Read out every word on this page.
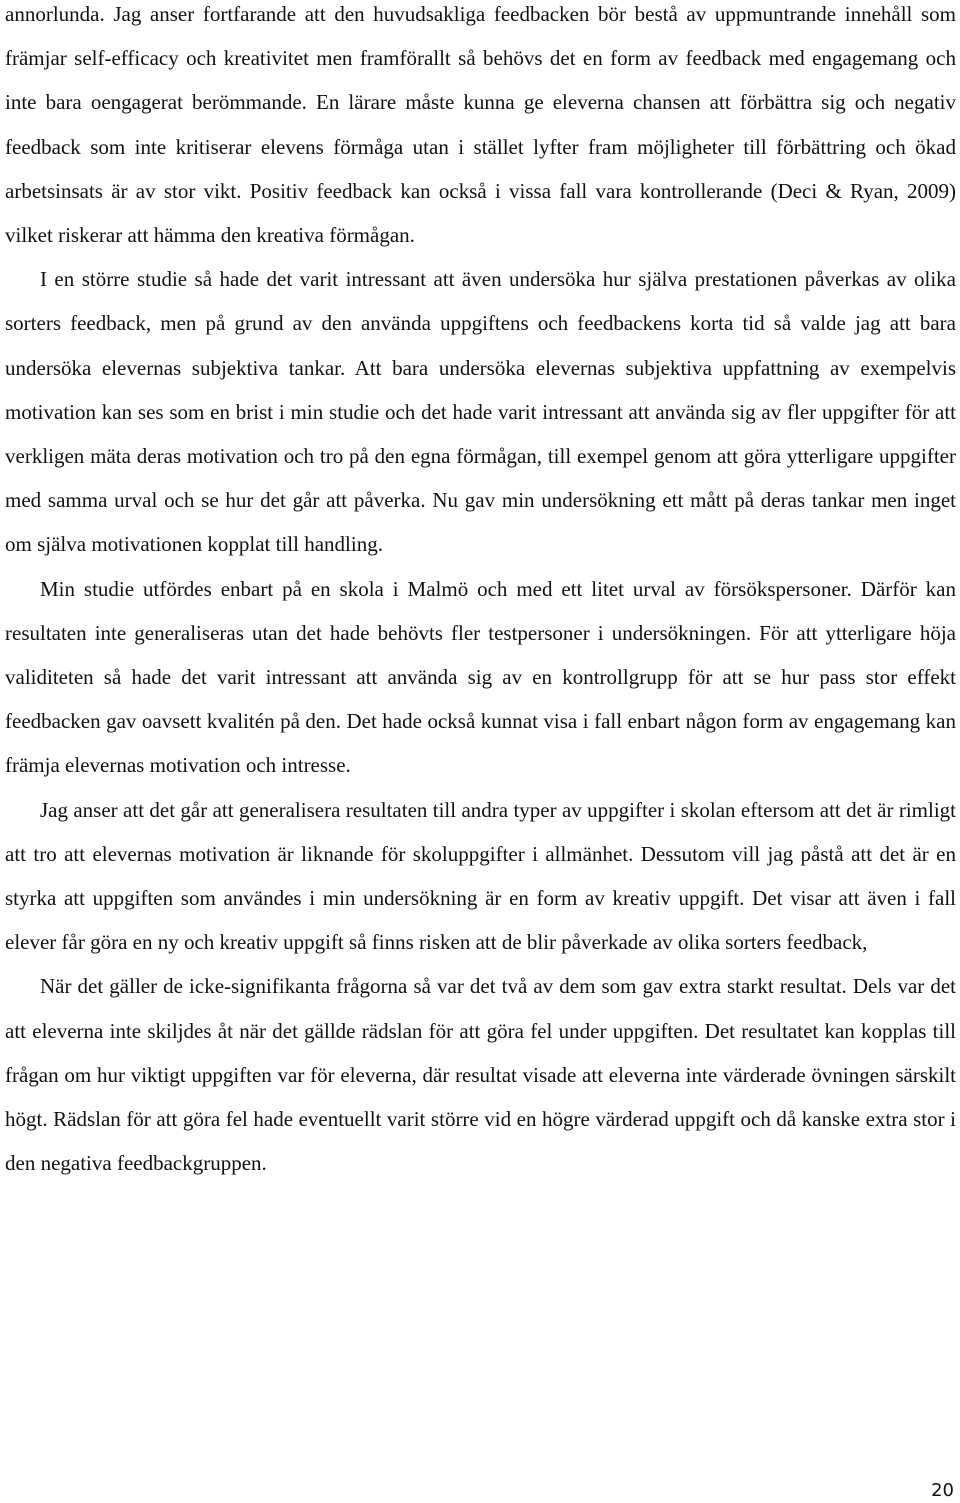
annorlunda. Jag anser fortfarande att den huvudsakliga feedbacken bör bestå av uppmuntrande innehåll som främjar self-efficacy och kreativitet men framförallt så behövs det en form av feedback med engagemang och inte bara oengagerat berömmande. En lärare måste kunna ge eleverna chansen att förbättra sig och negativ feedback som inte kritiserar elevens förmåga utan i stället lyfter fram möjligheter till förbättring och ökad arbetsinsats är av stor vikt. Positiv feedback kan också i vissa fall vara kontrollerande (Deci & Ryan, 2009) vilket riskerar att hämma den kreativa förmågan.

I en större studie så hade det varit intressant att även undersöka hur själva prestationen påverkas av olika sorters feedback, men på grund av den använda uppgiftens och feedbackens korta tid så valde jag att bara undersöka elevernas subjektiva tankar. Att bara undersöka elevernas subjektiva uppfattning av exempelvis motivation kan ses som en brist i min studie och det hade varit intressant att använda sig av fler uppgifter för att verkligen mäta deras motivation och tro på den egna förmågan, till exempel genom att göra ytterligare uppgifter med samma urval och se hur det går att påverka. Nu gav min undersökning ett mått på deras tankar men inget om själva motivationen kopplat till handling.

Min studie utfördes enbart på en skola i Malmö och med ett litet urval av försökspersoner. Därför kan resultaten inte generaliseras utan det hade behövts fler testpersoner i undersökningen. För att ytterligare höja validiteten så hade det varit intressant att använda sig av en kontrollgrupp för att se hur pass stor effekt feedbacken gav oavsett kvalitén på den. Det hade också kunnat visa i fall enbart någon form av engagemang kan främja elevernas motivation och intresse.

Jag anser att det går att generalisera resultaten till andra typer av uppgifter i skolan eftersom att det är rimligt att tro att elevernas motivation är liknande för skoluppgifter i allmänhet. Dessutom vill jag påstå att det är en styrka att uppgiften som användes i min undersökning är en form av kreativ uppgift. Det visar att även i fall elever får göra en ny och kreativ uppgift så finns risken att de blir påverkade av olika sorters feedback,

När det gäller de icke-signifikanta frågorna så var det två av dem som gav extra starkt resultat. Dels var det att eleverna inte skiljdes åt när det gällde rädslan för att göra fel under uppgiften. Det resultatet kan kopplas till frågan om hur viktigt uppgiften var för eleverna, där resultat visade att eleverna inte värderade övningen särskilt högt. Rädslan för att göra fel hade eventuellt varit större vid en högre värderad uppgift och då kanske extra stor i den negativa feedbackgruppen.

20
